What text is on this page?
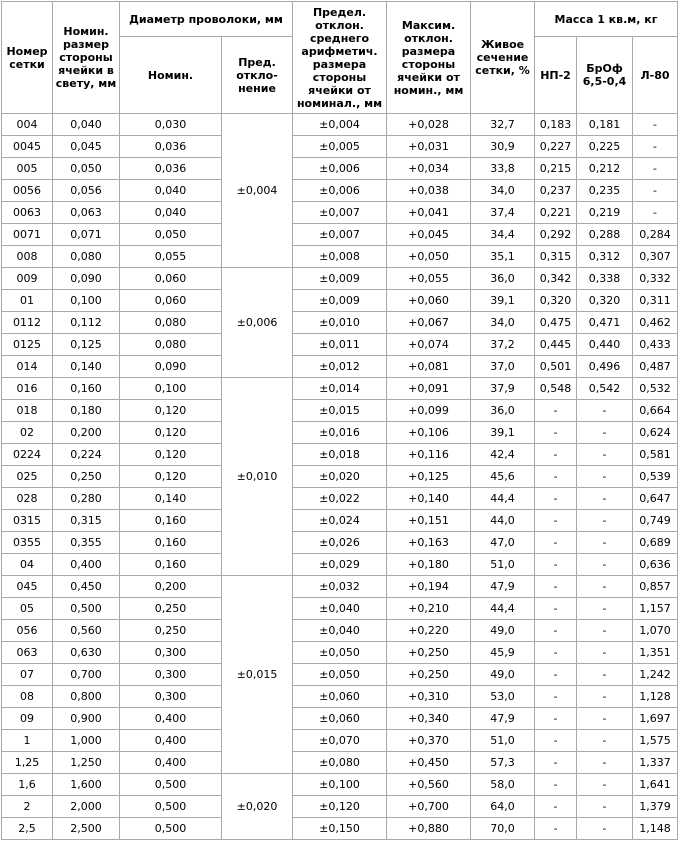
Номер сетки	Номин. размер стороны ячейки в свету, мм	Диаметр проволоки, мм		Предел. отклон. среднего арифметич. размера стороны ячейки от номинал., мм	Максим. отклон. размера стороны ячейки от номин., мм	Живое сечение сетки, %	Масса 1 кв.м, кг		
		Номин.	Пред. откло-нение				НП-2	БрОф 6,5-0,4	Л-80
004	0,040	0,030	±0,004	±0,004	+0,028	32,7	0,183	0,181	-
0045	0,045	0,036		±0,005	+0,031	30,9	0,227	0,225	-
005	0,050	0,036		±0,006	+0,034	33,8	0,215	0,212	-
0056	0,056	0,040		±0,006	+0,038	34,0	0,237	0,235	-
0063	0,063	0,040		±0,007	+0,041	37,4	0,221	0,219	-
0071	0,071	0,050		±0,007	+0,045	34,4	0,292	0,288	0,284
008	0,080	0,055		±0,008	+0,050	35,1	0,315	0,312	0,307
009	0,090	0,060	±0,006	±0,009	+0,055	36,0	0,342	0,338	0,332
01	0,100	0,060		±0,009	+0,060	39,1	0,320	0,320	0,311
0112	0,112	0,080		±0,010	+0,067	34,0	0,475	0,471	0,462
0125	0,125	0,080		±0,011	+0,074	37,2	0,445	0,440	0,433
014	0,140	0,090		±0,012	+0,081	37,0	0,501	0,496	0,487
016	0,160	0,100	±0,010	±0,014	+0,091	37,9	0,548	0,542	0,532
018	0,180	0,120		±0,015	+0,099	36,0	-	-	0,664
02	0,200	0,120		±0,016	+0,106	39,1	-	-	0,624
0224	0,224	0,120		±0,018	+0,116	42,4	-	-	0,581
025	0,250	0,120		±0,020	+0,125	45,6	-	-	0,539
028	0,280	0,140		±0,022	+0,140	44,4	-	-	0,647
0315	0,315	0,160		±0,024	+0,151	44,0	-	-	0,749
0355	0,355	0,160		±0,026	+0,163	47,0	-	-	0,689
04	0,400	0,160		±0,029	+0,180	51,0	-	-	0,636
045	0,450	0,200	±0,015	±0,032	+0,194	47,9	-	-	0,857
05	0,500	0,250		±0,040	+0,210	44,4	-	-	1,157
056	0,560	0,250		±0,040	+0,220	49,0	-	-	1,070
063	0,630	0,300		±0,050	+0,250	45,9	-	-	1,351
07	0,700	0,300		±0,050	+0,250	49,0	-	-	1,242
08	0,800	0,300		±0,060	+0,310	53,0	-	-	1,128
09	0,900	0,400		±0,060	+0,340	47,9	-	-	1,697
1	1,000	0,400		±0,070	+0,370	51,0	-	-	1,575
1,25	1,250	0,400		±0,080	+0,450	57,3	-	-	1,337
1,6	1,600	0,500	±0,020	±0,100	+0,560	58,0	-	-	1,641
2	2,000	0,500		±0,120	+0,700	64,0	-	-	1,379
2,5	2,500	0,500		±0,150	+0,880	70,0	-	-	1,148
